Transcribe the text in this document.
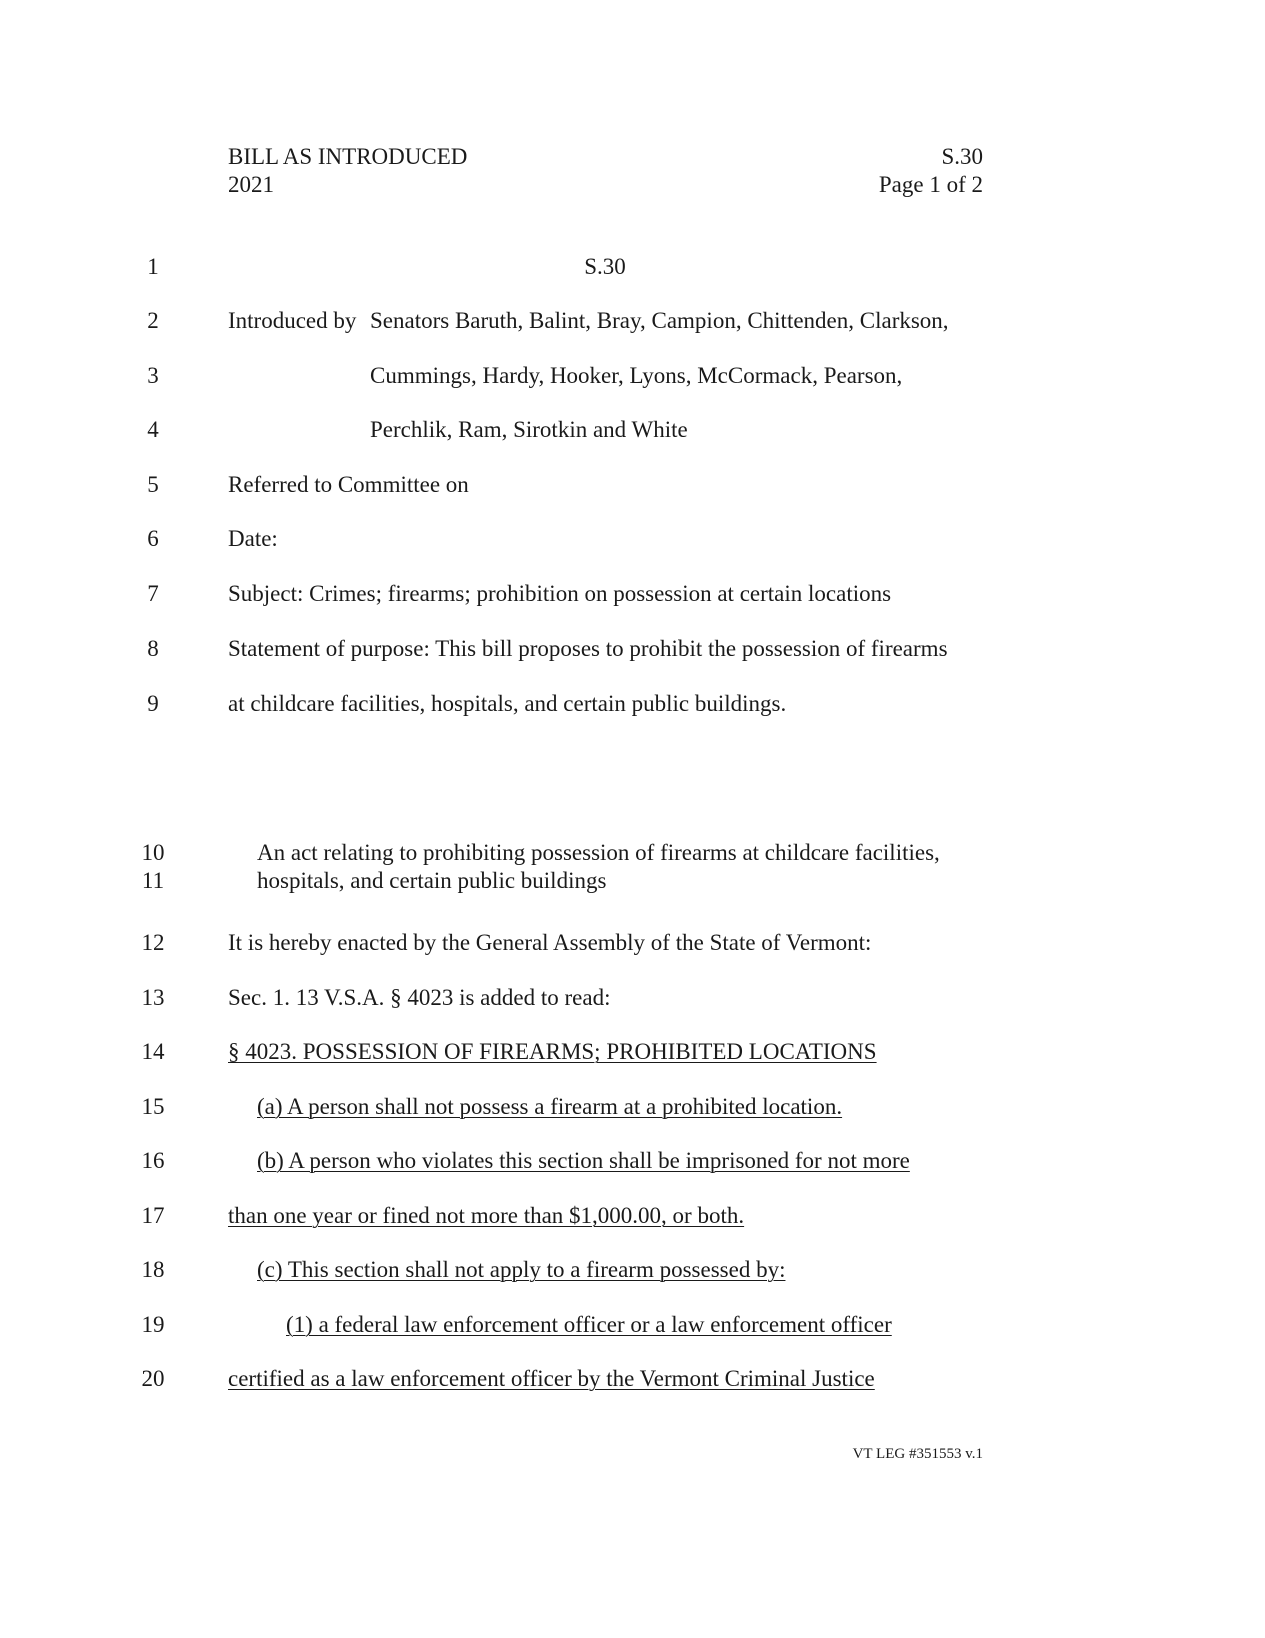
BILL AS INTRODUCED
2021
S.30
Page 1 of 2
1
2
3
4
5
6
7
8
9
10
11
12
13
14
15
16
17
18
19
20
S.30
Introduced by Senators Baruth, Balint, Bray, Campion, Chittenden, Clarkson,
Cummings, Hardy, Hooker, Lyons, McCormack, Pearson,
Perchlik, Ram, Sirotkin and White
Referred to Committee on
Date:
Subject: Crimes; firearms; prohibition on possession at certain locations
Statement of purpose: This bill proposes to prohibit the possession of firearms
at childcare facilities, hospitals, and certain public buildings.
An act relating to prohibiting possession of firearms at childcare facilities,
hospitals, and certain public buildings
It is hereby enacted by the General Assembly of the State of Vermont:
Sec. 1. 13 V.S.A. § 4023 is added to read:
§ 4023. POSSESSION OF FIREARMS; PROHIBITED LOCATIONS
(a) A person shall not possess a firearm at a prohibited location.
(b) A person who violates this section shall be imprisoned for not more
than one year or fined not more than $1,000.00, or both.
(c) This section shall not apply to a firearm possessed by:
(1) a federal law enforcement officer or a law enforcement officer
certified as a law enforcement officer by the Vermont Criminal Justice
VT LEG #351553 v.1
